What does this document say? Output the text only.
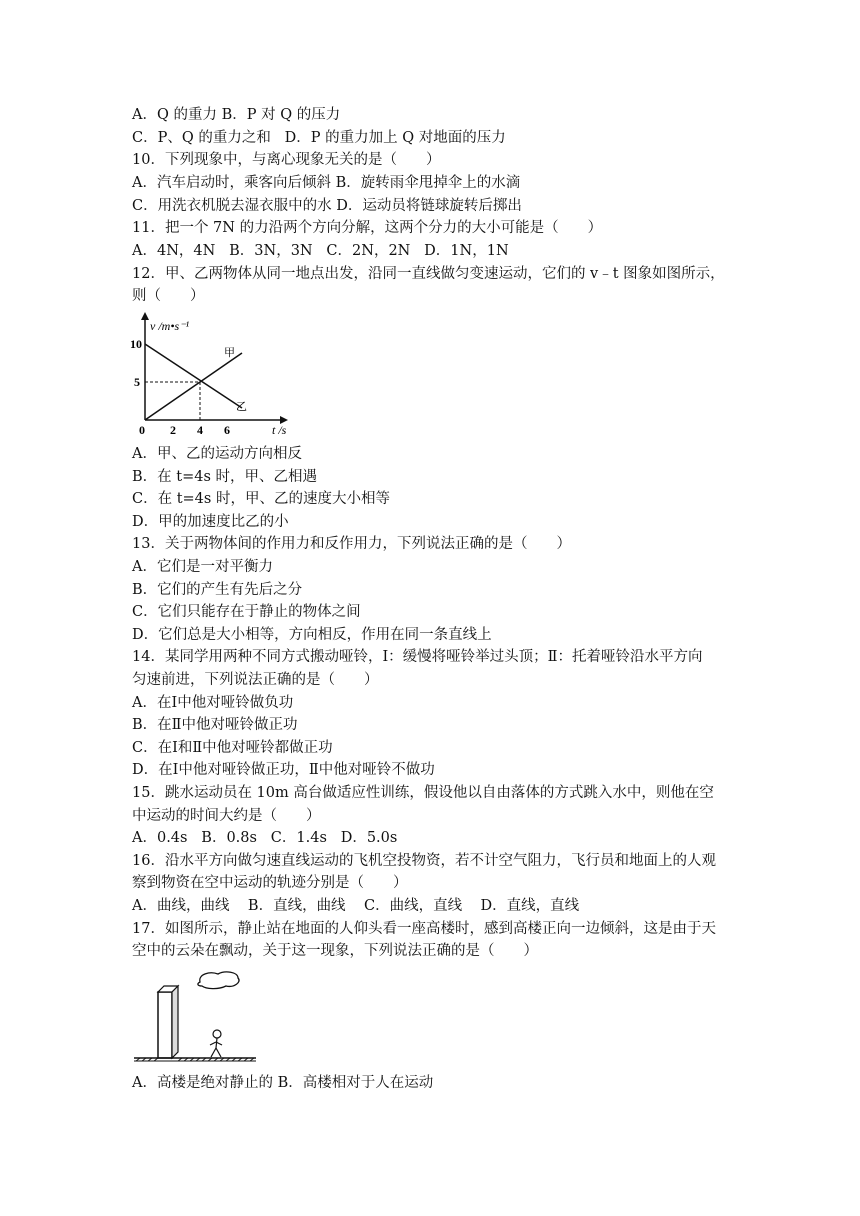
A．Q 的重力 B．P 对 Q 的压力
C．P、Q 的重力之和   D．P 的重力加上 Q 对地面的压力
10．下列现象中，与离心现象无关的是（　　）
A．汽车启动时，乘客向后倾斜 B．旋转雨伞甩掉伞上的水滴
C．用洗衣机脱去湿衣服中的水 D．运动员将链球旋转后掷出
11．把一个 7N 的力沿两个方向分解，这两个分力的大小可能是（　　）
A．4N，4N   B．3N，3N   C．2N，2N   D．1N，1N
12．甲、乙两物体从同一地点出发，沿同一直线做匀变速运动，它们的 v﹣t 图象如图所示，
则（　　）
v /m•s⁻¹
t /s
10
5
0 2 4 6
甲
乙
A．甲、乙的运动方向相反
B．在 t=4s 时，甲、乙相遇
C．在 t=4s 时，甲、乙的速度大小相等
D．甲的加速度比乙的小
13．关于两物体间的作用力和反作用力，下列说法正确的是（　　）
A．它们是一对平衡力
B．它们的产生有先后之分
C．它们只能存在于静止的物体之间
D．它们总是大小相等，方向相反，作用在同一条直线上
14．某同学用两种不同方式搬动哑铃，Ⅰ：缓慢将哑铃举过头顶；Ⅱ：托着哑铃沿水平方向
匀速前进，下列说法正确的是（　　）
A．在Ⅰ中他对哑铃做负功
B．在Ⅱ中他对哑铃做正功
C．在Ⅰ和Ⅱ中他对哑铃都做正功
D．在Ⅰ中他对哑铃做正功，Ⅱ中他对哑铃不做功
15．跳水运动员在 10m 高台做适应性训练，假设他以自由落体的方式跳入水中，则他在空
中运动的时间大约是（　　）
A．0.4s   B．0.8s   C．1.4s   D．5.0s
16．沿水平方向做匀速直线运动的飞机空投物资，若不计空气阻力，飞行员和地面上的人观
察到物资在空中运动的轨迹分别是（　　）
A．曲线，曲线    B．直线，曲线    C．曲线，直线    D．直线，直线
17．如图所示，静止站在地面的人仰头看一座高楼时，感到高楼正向一边倾斜，这是由于天
空中的云朵在飘动，关于这一现象，下列说法正确的是（　　）
A．高楼是绝对静止的 B．高楼相对于人在运动
